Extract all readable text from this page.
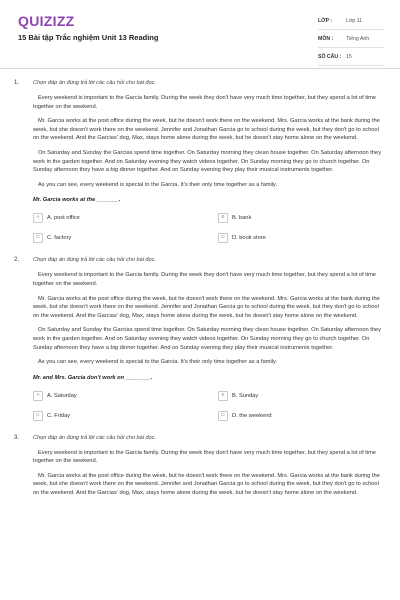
QUIZIZZ
15 Bài tập Trắc nghiệm Unit 13 Reading
LỚP :	Lớp 11
MÔN :	Tiếng Anh
SỐ CÂU : 15
1. Chọn đáp án đúng trả lời các câu hỏi cho bài đọc.

Every weekend is important to the Garcia family. During the week they don't have very much time together, but they spend a lot of time together on the weekend.

Mr. Garcia works at the post office during the week, but he doesn't work there on the weekend. Mrs. Garcia works at the bank during the week, but she doesn't work there on the weekend. Jennifer and Jonathan Garcia go to school during the week, but they don't go to school on the weekend. And the Garcias' dog, Max, stays home alone during the week, but he doesn't stay home alone on the weekend.

On Saturday and Sunday the Garcias spend time together. On Saturday morning they clean house together. On Saturday afternoon they work in the garden together. And on Saturday evening they watch videos together. On Sunday morning they go to church together. On Sunday afternoon they have a big dinner together. And on Sunday evening they play their musical instruments together.

As you can see, every weekend is special to the Garcia. It's their only time together as a family.

Mr. Garcia works at the _______.
A	A. post office	B	B. bank
C	C. factory	D	D. book store
2. Chọn đáp án đúng trả lời các câu hỏi cho bài đọc.

Every weekend is important to the Garcia family. During the week they don't have very much time together, but they spend a lot of time together on the weekend.

Mr. Garcia works at the post office during the week, but he doesn't work there on the weekend. Mrs. Garcia works at the bank during the week, but she doesn't work there on the weekend. Jennifer and Jonathan Garcia go to school during the week, but they don't go to school on the weekend. And the Garcias' dog, Max, stays home alone during the week, but he doesn't stay home alone on the weekend.

On Saturday and Sunday the Garcias spend time together. On Saturday morning they clean house together. On Saturday afternoon they work in the garden together. And on Saturday evening they watch videos together. On Sunday morning they go to church together. On Sunday afternoon they have a big dinner together. And on Sunday evening they play their musical instruments together.

As you can see, every weekend is special to the Garcia. It's their only time together as a family.

Mr. and Mrs. Garcia don't work on ________.
A	A. Saturday	B	B. Sunday
C	C. Friday	D	D. the weekend
3. Chọn đáp án đúng trả lời các câu hỏi cho bài đọc.

Every weekend is important to the Garcia family. During the week they don't have very much time together, but they spend a lot of time together on the weekend.

Mr. Garcia works at the post office during the week, but he doesn't work there on the weekend. Mrs. Garcia works at the bank during the week, but she doesn't work there on the weekend. Jennifer and Jonathan Garcia go to school during the week, but they don't go to school on the weekend. And the Garcias' dog, Max, stays home alone during the week, but he doesn't stay home alone on the weekend.
